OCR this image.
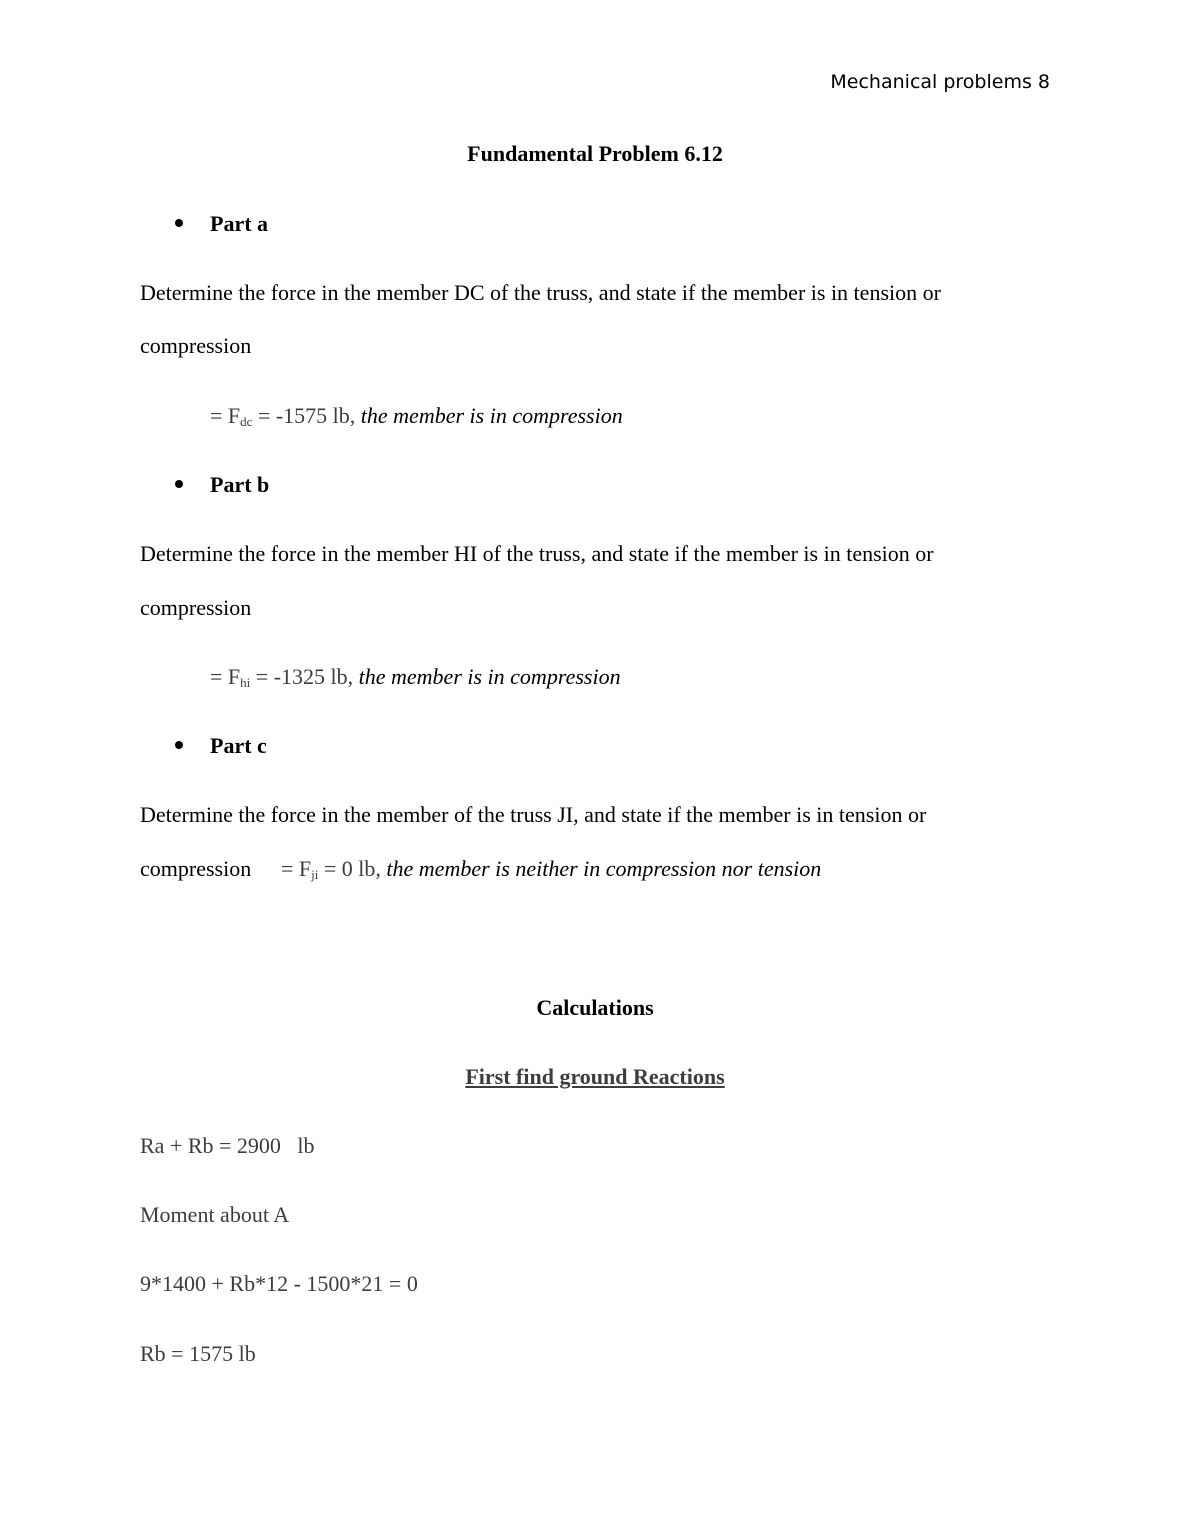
Mechanical problems 8
Fundamental Problem 6.12
Part a
Determine the force in the member DC of the truss, and state if the member is in tension or
compression
= $F_{dc} = -1575$ lb, the member is in compression
Part b
Determine the force in the member HI of the truss, and state if the member is in tension or
compression
= $F_{hi} = -1325$ lb, the member is in compression
Part c
Determine the force in the member of the truss JI, and state if the member is in tension or
compression = $F_{ji} = 0$ lb, the member is neither in compression nor tension
Calculations
First find ground Reactions
Ra + Rb = 2900   lb
Moment about A
9*1400 + Rb*12 - 1500*21 = 0
Rb = 1575 lb
